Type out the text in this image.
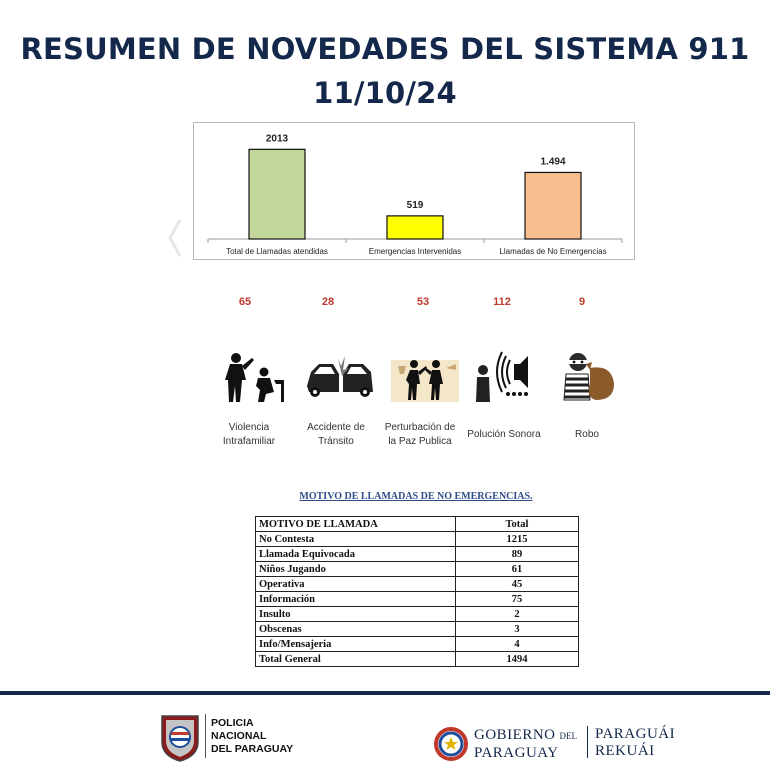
RESUMEN DE NOVEDADES DEL SISTEMA 911
11/10/24
2013
Total de Llamadas atendidas
519
Emergencias Intervenidas
1.494
Llamadas de No Emergencias
65	28	53	112	9
Violencia
Intrafamiliar
Accidente de
Tránsito
Perturbación de
la Paz Publica
Polución Sonora	Robo
MOTIVO DE LLAMADAS DE NO EMERGENCIAS.
MOTIVO DE LLAMADA	Total
No Contesta	1215
Llamada Equivocada	89
Niños Jugando	61
Operativa	45
Información	75
Insulto	2
Obscenas	3
Info/Mensajeria	4
Total General	1494
POLICIA
NACIONAL
DEL PARAGUAY
GOBIERNO DEL
PARAGUAY
PARAGUÁI
REKUÁI
